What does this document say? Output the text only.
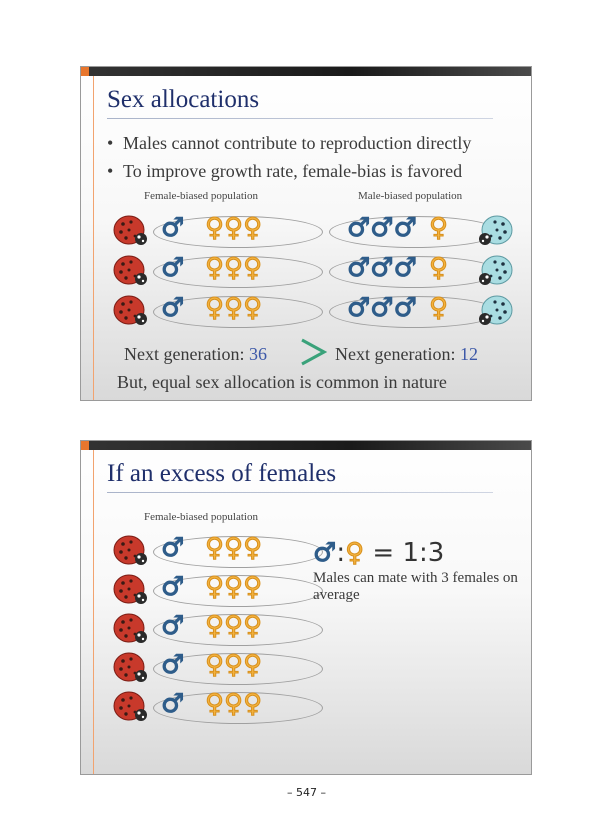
Sex allocations
• Males cannot contribute to reproduction directly
• To improve growth rate, female-bias is favored
Female-biased population	Male-biased population
♂ ♀♀♀
♂ ♀♀♀
♂ ♀♀♀
♂♂♂ ♀
♂♂♂ ♀
♂♂♂ ♀
Next generation: 36	Next generation: 12
But, equal sex allocation is common in nature
If an excess of females
Female-biased population
♂ ♀♀♀
♂ ♀♀♀
♂ ♀♀♀
♂ ♀♀♀
♂ ♀♀♀
♂:♀ = 1:3
Males can mate with 3 females on average
– 547 –
